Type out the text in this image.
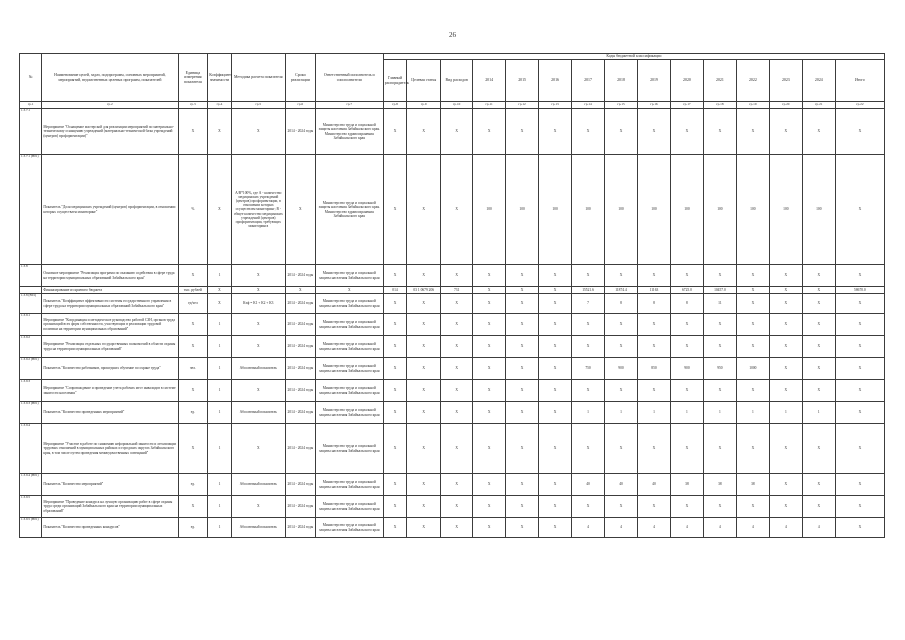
26
№	Наименование целей, задач, подпрограмм, основных мероприятий, мероприятий, ведомственных целевых программ, показателей	Единица измерения показателя	Коэффициент значимости	Методика расчета показателя	Сроки реализации	Ответственный исполнитель и соисполнители	Коды бюджетной классификации														
							Главный распорядитель	Целевая статья	Вид расходов	2014	2015	2016	2017	2018	2019	2020	2021	2022	2023	2024	Итого
гр.1	гр.2	гр.3	гр.4	гр.5	гр.6	гр.7	гр.8	гр.9	гр.10	гр.11	гр.12	гр.13	гр.14	гр.15	гр.16	гр.17	гр.18	гр.19	гр.20	гр.21	гр.22
1.3.7.1	Мероприятие "Оснащение мастерской для реализации мероприятий по материально-техническому оснащению учреждений (материально-технической базы учреждений (центров) профориентации)"	X	X	X	2014 - 2024 годы	Министерство труда и социальной защиты населения Забайкальского края. Министерство здравоохранения Забайкальского края	X	X	X	X	X	X	X	X	X	X	X	X	X	X	X
1.3.7.1 (В01)	Показатель "Доля медицинских учреждений (центров) профориентации, в отношении которых осуществлен мониторинг"	%	X	А/В*100%, где А - количество медицинских учреждений (центров) профориентации, в отношении которых осуществлен мониторинг; В - общее количество медицинских учреждений (центров) профориентации, требующих мониторинга	X	Министерство труда и социальной защиты населения Забайкальского края. Министерство здравоохранения Забайкальского края	X	X	X	100	100	100	100	100	100	100	100	100	100	100	X
1.3.8	Основное мероприятие "Реализация программ по оказанию содействия в сфере труда на территории муниципальных образований Забайкальского края"	X	1	X	2014 - 2024 годы	Министерство труда и социальной защиты населения Забайкальского края	X	X	X	X	X	X	X	X	X	X	X	X	X	X	X
	Финансирование из краевого бюджета	тыс. рублей	X	X	X	X	014	03 1 0679 206	731	X	X	X	15521.6	11874.4	11163	6725.0	10457.0	X	X	X	58670.0
1.3.8 (В01)	Показатель "Коэффициент эффективности системы государственного управления в сфере труда на территории муниципальных образований Забайкальского края"	ед/чел	X	Кэф = К1 + К2 + К3	2014 - 2024 годы	Министерство труда и социальной защиты населения Забайкальского края	X	X	X	X	X	X	7	8	8	8	11	X	X	X	X
1.3.9.1	Мероприятие "Координация и методическое руководство работой СЗН, органов труда организаций всех форм собственности, участвующих в реализации трудовой политики на территории муниципальных образований"	X	1	X	2014 - 2024 годы	Министерство труда и социальной защиты населения Забайкальского края	X	X	X	X	X	X	X	X	X	X	X	X	X	X	X
1.3.9.2	Мероприятие "Реализация отдельных государственных полномочий в области охраны труда на территории муниципальных образований"	X	1	X	2014 - 2024 годы	Министерство труда и социальной защиты населения Забайкальского края	X	X	X	X	X	X	X	X	X	X	X	X	X	X	X
1.3.9.2 (В01)	Показатель "Количество работников, прошедших обучение по охране труда"	чел.	1	Абсолютный показатель	2014 - 2024 годы	Министерство труда и социальной защиты населения Забайкальского края	X	X	X	X	X	X	750	900	850	900	950	1000	X	X	X
1.3.9.3	Мероприятие "Сопровождение и проведение учета рабочих мест инвалидов в системе занятости населения"	X	1	X	2014 - 2024 годы	Министерство труда и социальной защиты населения Забайкальского края	X	X	X	X	X	X	X	X	X	X	X	X	X	X	X
1.3.9.3 (В01)	Показатель "Количество проведенных мероприятий"	ед.	1	Абсолютный показатель	2014 - 2024 годы	Министерство труда и социальной защиты населения Забайкальского края	X	X	X	X	X	X	1	1	1	1	1	1	1	1	X
1.3.9.4	Мероприятие "Участие в работе по снижению неформальной занятости и легализации трудовых отношений в муниципальных районах и городских округах Забайкальского края, в том числе путем проведения межведомственных совещаний"	X	1	X	2014 - 2024 годы	Министерство труда и социальной защиты населения Забайкальского края	X	X	X	X	X	X	X	X	X	X	X	X	X	X	X
1.3.9.4 (В01)	Показатель "Количество мероприятий"	ед.	1	Абсолютный показатель	2014 - 2024 годы	Министерство труда и социальной защиты населения Забайкальского края	X	X	X	X	X	X	40	40	40	38	38	38	X	X	X
1.3.9.5	Мероприятие "Проведение конкурса на лучшую организацию работ в сфере охраны труда среди организаций Забайкальского края на территории муниципальных образований"	X	1	X	2014 - 2024 годы	Министерство труда и социальной защиты населения Забайкальского края	X	X	X	X	X	X	X	X	X	X	X	X	X	X	X
1.3.9.5 (В01)	Показатель "Количество проведенных конкурсов"	ед.	1	Абсолютный показатель	2014 - 2024 годы	Министерство труда и социальной защиты населения Забайкальского края	X	X	X	X	X	X	4	4	4	4	4	4	4	4	X
